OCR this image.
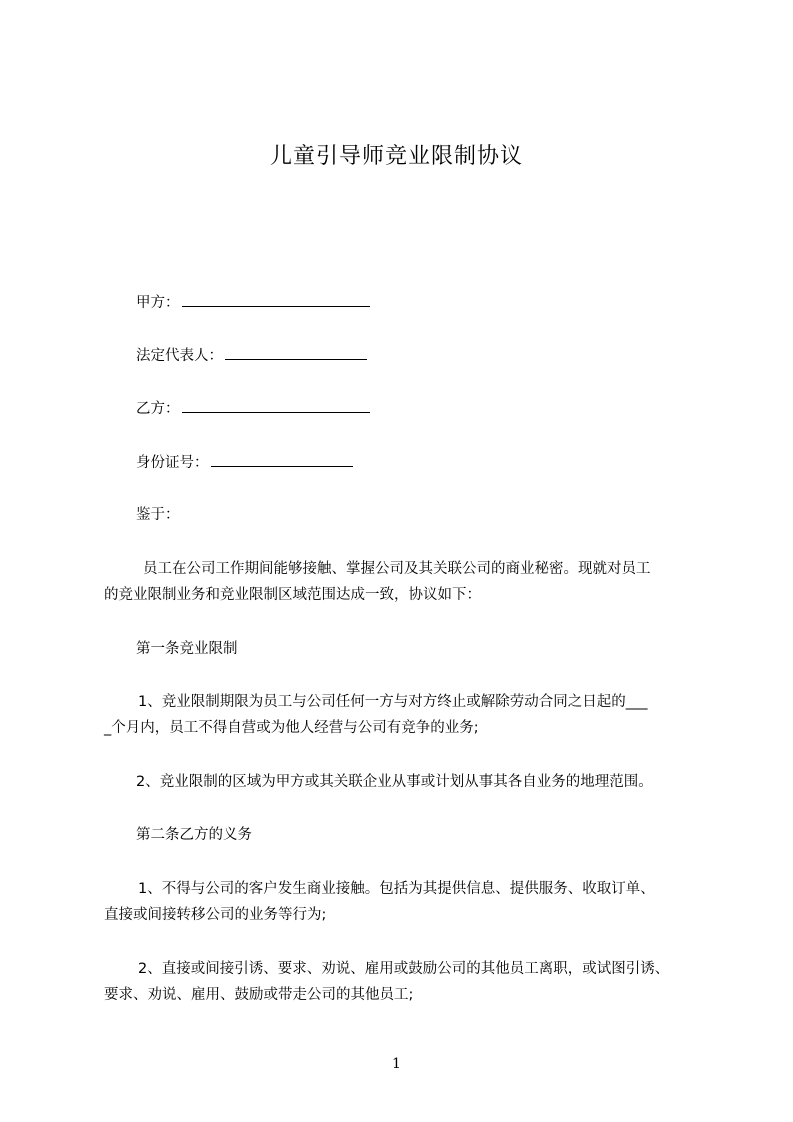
儿童引导师竞业限制协议
甲方：
法定代表人：
乙方：
身份证号：
鉴于：
员工在公司工作期间能够接触、掌握公司及其关联公司的商业秘密。现就对员工
的竞业限制业务和竞业限制区域范围达成一致，协议如下：
第一条竞业限制
1、竞业限制期限为员工与公司任何一方与对方终止或解除劳动合同之日起的___
_个月内，员工不得自营或为他人经营与公司有竞争的业务;
2、竞业限制的区域为甲方或其关联企业从事或计划从事其各自业务的地理范围。
第二条乙方的义务
1、不得与公司的客户发生商业接触。包括为其提供信息、提供服务、收取订单、
直接或间接转移公司的业务等行为;
2、直接或间接引诱、要求、劝说、雇用或鼓励公司的其他员工离职，或试图引诱、
要求、劝说、雇用、鼓励或带走公司的其他员工;
1
